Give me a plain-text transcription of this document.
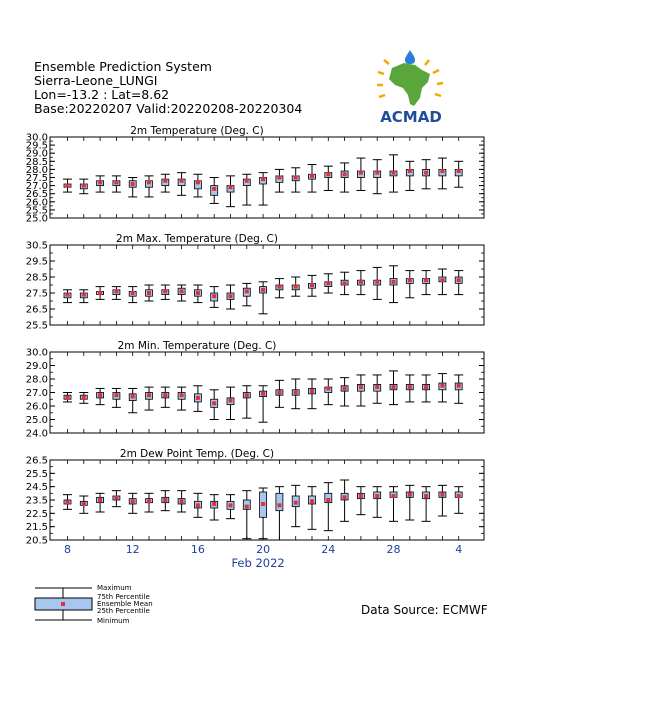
Ensemble Prediction System
Sierra-Leone_LUNGI
Lon=-13.2 : Lat=8.62
Base:20220207 Valid:20220208-20220304	ACMAD
2m Temperature (Deg. C)
30.0
29.5
29.0
28.5
28.0
27.5
27.0
26.5
26.0
25.5
25.0
2m Max. Temperature (Deg. C)
30.5
29.5
28.5
27.5
26.5
25.5
2m Min. Temperature (Deg. C)
30.0
29.0
28.0
27.0
26.0
25.0
24.0
2m Dew Point Temp. (Deg. C)
26.5
25.5
24.5
23.5
22.5
21.5
20.5
8	12	16	20	24	28	4
Feb 2022
Maximum
75th Percentile
Ensemble Mean
25th Percentile
Minimum
Data Source: ECMWF
